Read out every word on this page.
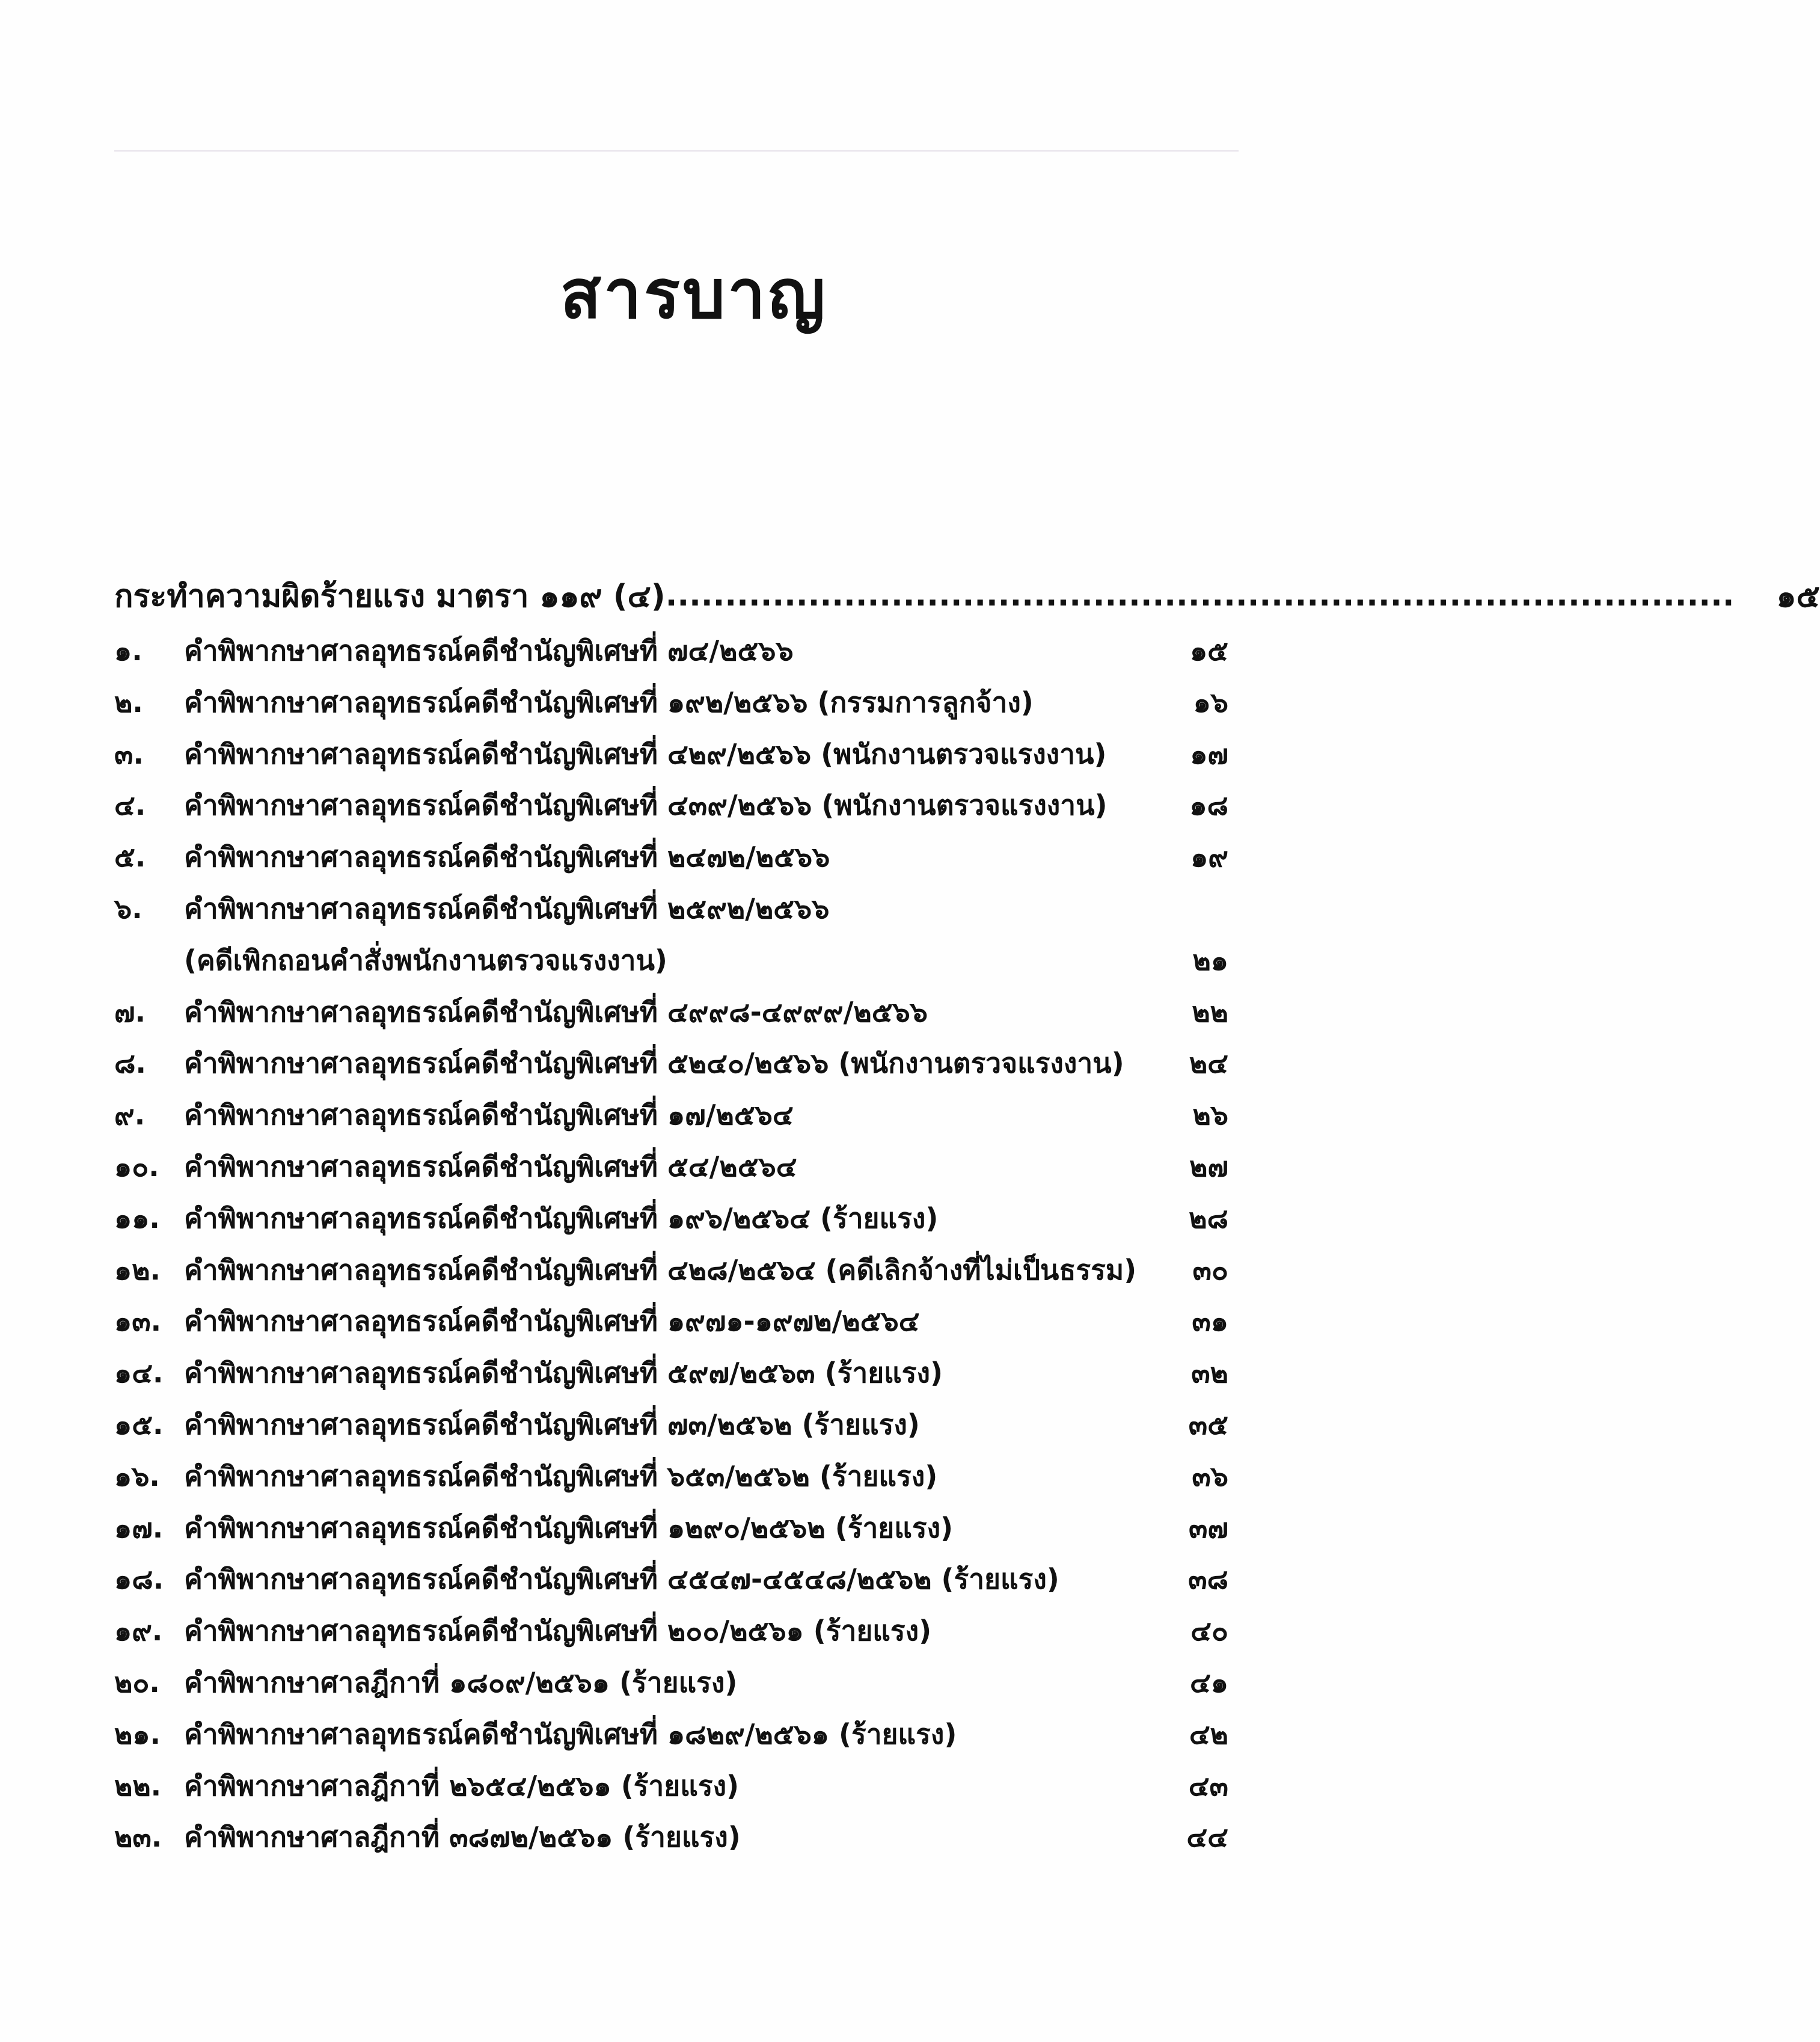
สารบาญ
กระทำความผิดร้ายแรง มาตรา ๑๑๙ (๔) .......................................................................................... ๑๕
๑.	คำพิพากษาศาลอุทธรณ์คดีชำนัญพิเศษที่ ๗๔/๒๕๖๖	๑๕
๒.	คำพิพากษาศาลอุทธรณ์คดีชำนัญพิเศษที่ ๑๙๒/๒๕๖๖ (กรรมการลูกจ้าง)	๑๖
๓.	คำพิพากษาศาลอุทธรณ์คดีชำนัญพิเศษที่ ๔๒๙/๒๕๖๖ (พนักงานตรวจแรงงาน)	๑๗
๔.	คำพิพากษาศาลอุทธรณ์คดีชำนัญพิเศษที่ ๔๓๙/๒๕๖๖ (พนักงานตรวจแรงงาน)	๑๘
๕.	คำพิพากษาศาลอุทธรณ์คดีชำนัญพิเศษที่ ๒๔๗๒/๒๕๖๖	๑๙
๖.	คำพิพากษาศาลอุทธรณ์คดีชำนัญพิเศษที่ ๒๕๙๒/๒๕๖๖
(คดีเพิกถอนคำสั่งพนักงานตรวจแรงงาน)	๒๑
๗.	คำพิพากษาศาลอุทธรณ์คดีชำนัญพิเศษที่ ๔๙๙๘-๔๙๙๙/๒๕๖๖	๒๒
๘.	คำพิพากษาศาลอุทธรณ์คดีชำนัญพิเศษที่ ๕๒๔๐/๒๕๖๖ (พนักงานตรวจแรงงาน)	๒๔
๙.	คำพิพากษาศาลอุทธรณ์คดีชำนัญพิเศษที่ ๑๗/๒๕๖๔	๒๖
๑๐. คำพิพากษาศาลอุทธรณ์คดีชำนัญพิเศษที่ ๕๔/๒๕๖๔	๒๗
๑๑. คำพิพากษาศาลอุทธรณ์คดีชำนัญพิเศษที่ ๑๙๖/๒๕๖๔ (ร้ายแรง)	๒๘
๑๒. คำพิพากษาศาลอุทธรณ์คดีชำนัญพิเศษที่ ๔๒๘/๒๕๖๔ (คดีเลิกจ้างที่ไม่เป็นธรรม)	๓๐
๑๓. คำพิพากษาศาลอุทธรณ์คดีชำนัญพิเศษที่ ๑๙๗๑-๑๙๗๒/๒๕๖๔	๓๑
๑๔. คำพิพากษาศาลอุทธรณ์คดีชำนัญพิเศษที่ ๕๙๗/๒๕๖๓ (ร้ายแรง)	๓๒
๑๕. คำพิพากษาศาลอุทธรณ์คดีชำนัญพิเศษที่ ๗๓/๒๕๖๒ (ร้ายแรง)	๓๕
๑๖. คำพิพากษาศาลอุทธรณ์คดีชำนัญพิเศษที่ ๖๕๓/๒๕๖๒ (ร้ายแรง)	๓๖
๑๗. คำพิพากษาศาลอุทธรณ์คดีชำนัญพิเศษที่ ๑๒๙๐/๒๕๖๒ (ร้ายแรง)	๓๗
๑๘. คำพิพากษาศาลอุทธรณ์คดีชำนัญพิเศษที่ ๔๕๔๗-๔๕๔๘/๒๕๖๒ (ร้ายแรง)	๓๘
๑๙. คำพิพากษาศาลอุทธรณ์คดีชำนัญพิเศษที่ ๒๐๐/๒๕๖๑ (ร้ายแรง)	๔๐
๒๐. คำพิพากษาศาลฎีกาที่ ๑๘๐๙/๒๕๖๑ (ร้ายแรง)	๔๑
๒๑. คำพิพากษาศาลอุทธรณ์คดีชำนัญพิเศษที่ ๑๘๒๙/๒๕๖๑ (ร้ายแรง)	๔๒
๒๒. คำพิพากษาศาลฎีกาที่ ๒๖๕๔/๒๕๖๑ (ร้ายแรง)	๔๓
๒๓. คำพิพากษาศาลฎีกาที่ ๓๘๗๒/๒๕๖๑ (ร้ายแรง)	๔๔
